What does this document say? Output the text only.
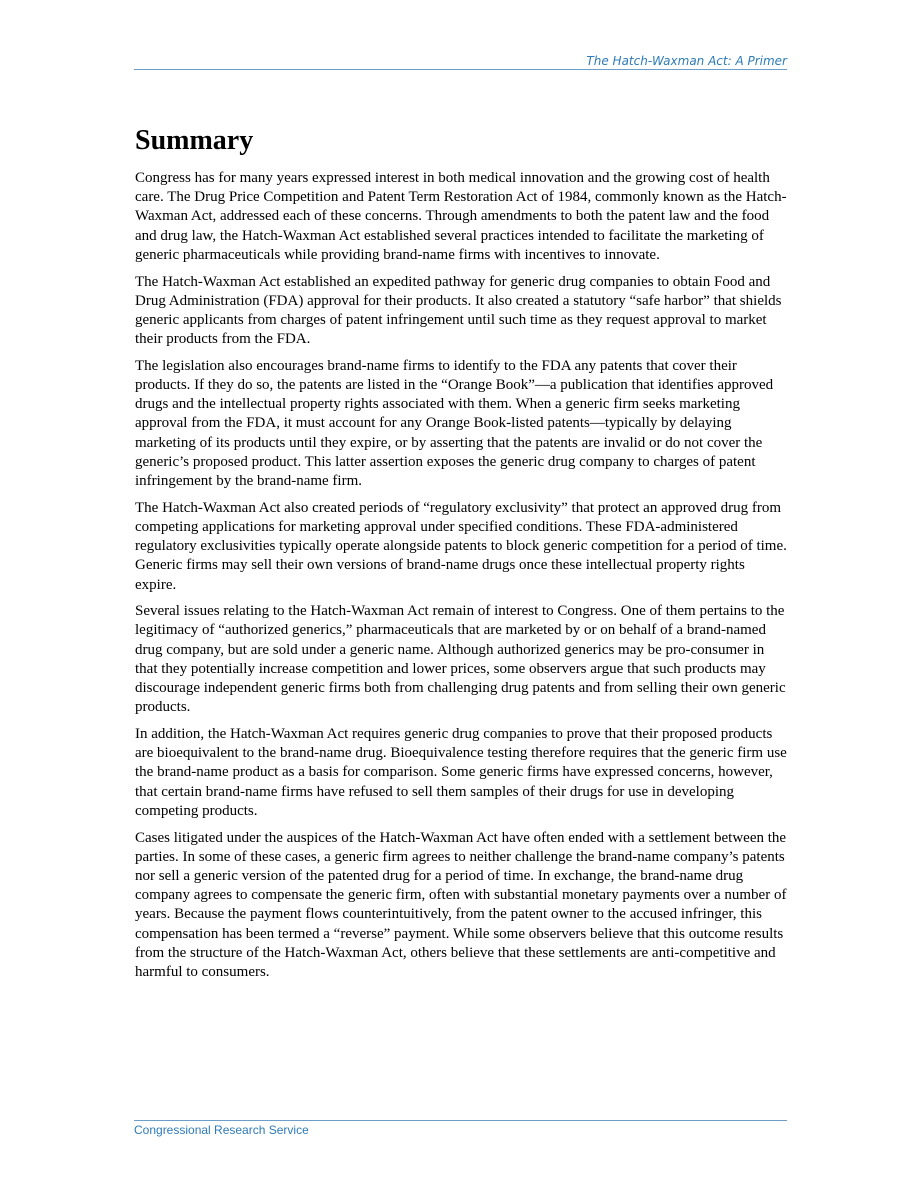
The Hatch-Waxman Act: A Primer
Summary

Congress has for many years expressed interest in both medical innovation and the growing cost of health care. The Drug Price Competition and Patent Term Restoration Act of 1984, commonly known as the Hatch-Waxman Act, addressed each of these concerns. Through amendments to both the patent law and the food and drug law, the Hatch-Waxman Act established several practices intended to facilitate the marketing of generic pharmaceuticals while providing brand-name firms with incentives to innovate.

The Hatch-Waxman Act established an expedited pathway for generic drug companies to obtain Food and Drug Administration (FDA) approval for their products. It also created a statutory “safe harbor” that shields generic applicants from charges of patent infringement until such time as they request approval to market their products from the FDA.

The legislation also encourages brand-name firms to identify to the FDA any patents that cover their products. If they do so, the patents are listed in the “Orange Book”—a publication that identifies approved drugs and the intellectual property rights associated with them. When a generic firm seeks marketing approval from the FDA, it must account for any Orange Book-listed patents—typically by delaying marketing of its products until they expire, or by asserting that the patents are invalid or do not cover the generic’s proposed product. This latter assertion exposes the generic drug company to charges of patent infringement by the brand-name firm.

The Hatch-Waxman Act also created periods of “regulatory exclusivity” that protect an approved drug from competing applications for marketing approval under specified conditions. These FDA-administered regulatory exclusivities typically operate alongside patents to block generic competition for a period of time. Generic firms may sell their own versions of brand-name drugs once these intellectual property rights expire.

Several issues relating to the Hatch-Waxman Act remain of interest to Congress. One of them pertains to the legitimacy of “authorized generics,” pharmaceuticals that are marketed by or on behalf of a brand-named drug company, but are sold under a generic name. Although authorized generics may be pro-consumer in that they potentially increase competition and lower prices, some observers argue that such products may discourage independent generic firms both from challenging drug patents and from selling their own generic products.

In addition, the Hatch-Waxman Act requires generic drug companies to prove that their proposed products are bioequivalent to the brand-name drug. Bioequivalence testing therefore requires that the generic firm use the brand-name product as a basis for comparison. Some generic firms have expressed concerns, however, that certain brand-name firms have refused to sell them samples of their drugs for use in developing competing products.

Cases litigated under the auspices of the Hatch-Waxman Act have often ended with a settlement between the parties. In some of these cases, a generic firm agrees to neither challenge the brand-name company’s patents nor sell a generic version of the patented drug for a period of time. In exchange, the brand-name drug company agrees to compensate the generic firm, often with substantial monetary payments over a number of years. Because the payment flows counterintuitively, from the patent owner to the accused infringer, this compensation has been termed a “reverse” payment. While some observers believe that this outcome results from the structure of the Hatch-Waxman Act, others believe that these settlements are anti-competitive and harmful to consumers.

Congressional Research Service
